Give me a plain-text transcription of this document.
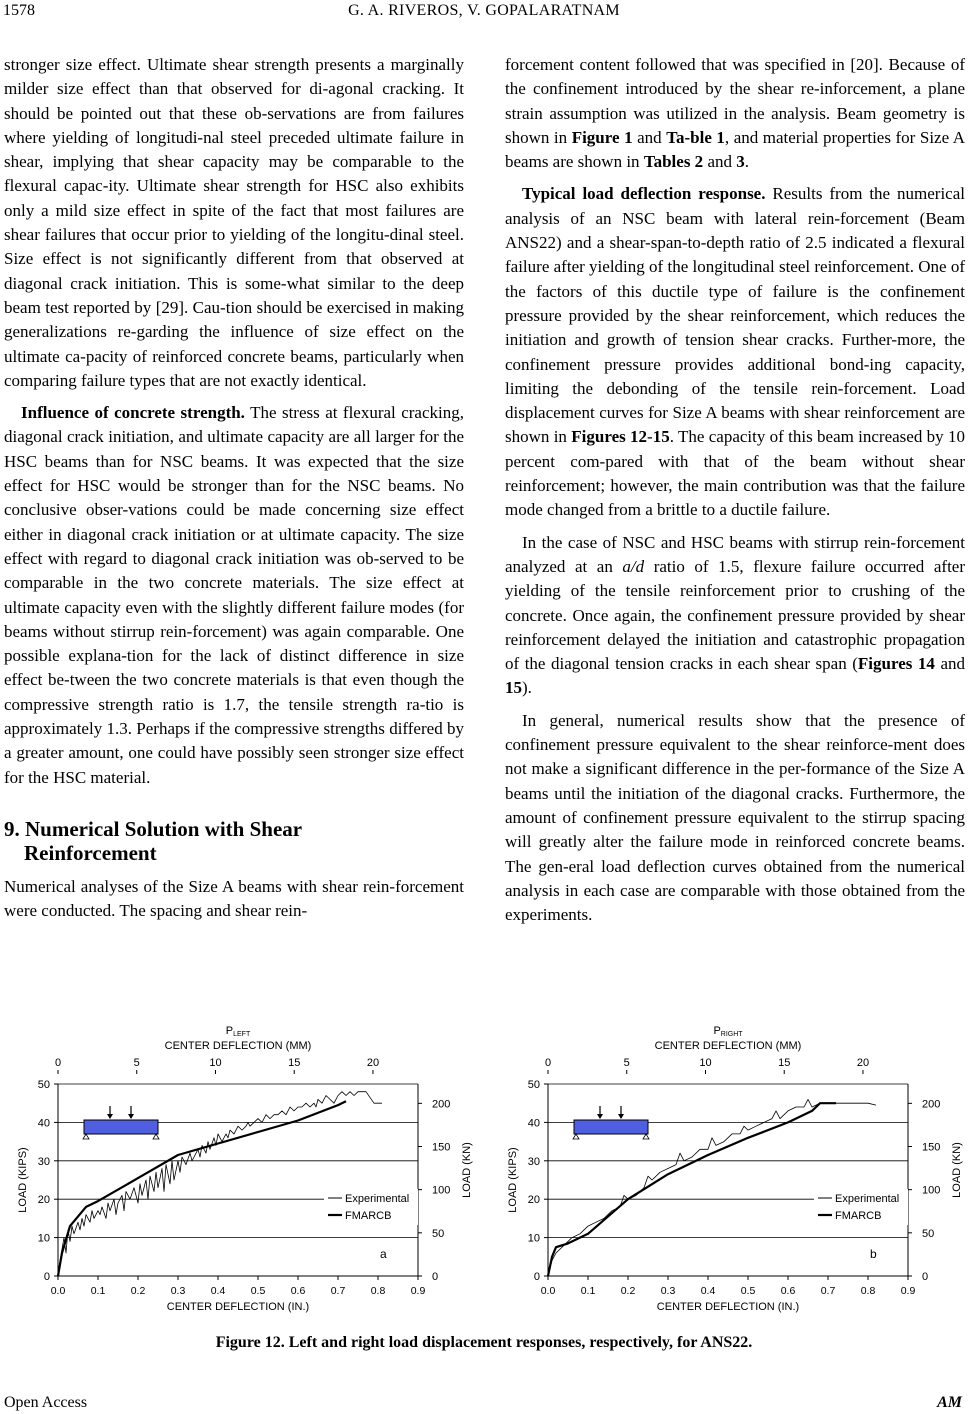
1578	G. A. RIVEROS, V. GOPALARATNAM

stronger size effect. Ultimate shear strength presents a marginally milder size effect than that observed for di-agonal cracking. It should be pointed out that these ob-servations are from failures where yielding of longitudi-nal steel preceded ultimate failure in shear, implying that shear capacity may be comparable to the flexural capac-ity. Ultimate shear strength for HSC also exhibits only a mild size effect in spite of the fact that most failures are shear failures that occur prior to yielding of the longitu-dinal steel. Size effect is not significantly different from that observed at diagonal crack initiation. This is some-what similar to the deep beam test reported by [29]. Cau-tion should be exercised in making generalizations re-garding the influence of size effect on the ultimate ca-pacity of reinforced concrete beams, particularly when comparing failure types that are not exactly identical.

Influence of concrete strength. The stress at flexural cracking, diagonal crack initiation, and ultimate capacity are all larger for the HSC beams than for NSC beams. It was expected that the size effect for HSC would be stronger than for the NSC beams. No conclusive obser-vations could be made concerning size effect either in diagonal crack initiation or at ultimate capacity. The size effect with regard to diagonal crack initiation was ob-served to be comparable in the two concrete materials. The size effect at ultimate capacity even with the slightly different failure modes (for beams without stirrup rein-forcement) was again comparable. One possible explana-tion for the lack of distinct difference in size effect be-tween the two concrete materials is that even though the compressive strength ratio is 1.7, the tensile strength ra-tio is approximately 1.3. Perhaps if the compressive strengths differed by a greater amount, one could have possibly seen stronger size effect for the HSC material.

9. Numerical Solution with Shear
Reinforcement

Numerical analyses of the Size A beams with shear rein-forcement were conducted. The spacing and shear rein-

forcement content followed that was specified in [20]. Because of the confinement introduced by the shear re-inforcement, a plane strain assumption was utilized in the analysis. Beam geometry is shown in Figure 1 and Ta-ble 1, and material properties for Size A beams are shown in Tables 2 and 3.

Typical load deflection response. Results from the numerical analysis of an NSC beam with lateral rein-forcement (Beam ANS22) and a shear-span-to-depth ratio of 2.5 indicated a flexural failure after yielding of the longitudinal steel reinforcement. One of the factors of this ductile type of failure is the confinement pressure provided by the shear reinforcement, which reduces the initiation and growth of tension shear cracks. Further-more, the confinement pressure provides additional bond-ing capacity, limiting the debonding of the tensile rein-forcement. Load displacement curves for Size A beams with shear reinforcement are shown in Figures 12-15. The capacity of this beam increased by 10 percent com-pared with that of the beam without shear reinforcement; however, the main contribution was that the failure mode changed from a brittle to a ductile failure.

In the case of NSC and HSC beams with stirrup rein-forcement analyzed at an a/d ratio of 1.5, flexure failure occurred after yielding of the tensile reinforcement prior to crushing of the concrete. Once again, the confinement pressure provided by shear reinforcement delayed the initiation and catastrophic propagation of the diagonal tension cracks in each shear span (Figures 14 and 15).

In general, numerical results show that the presence of confinement pressure equivalent to the shear reinforce-ment does not make a significant difference in the per-formance of the Size A beams until the initiation of the diagonal cracks. Furthermore, the amount of confinement pressure equivalent to the stirrup spacing will greatly alter the failure mode in reinforced concrete beams. The gen-eral load deflection curves obtained from the numerical analysis in each case are comparable with those obtained from the experiments.

PLEFT
CENTER DEFLECTION (MM)
0	5	10	15	20
0
10
20
30
40
50
0
50
100
150
200
0.0 0.1 0.2 0.3 0.4 0.5 0.6 0.7 0.8 0.9
CENTER DEFLECTION (IN.)
LOAD (KIPS)	LOAD (KN)
Experimental
FMARCB
a
PRIGHT
CENTER DEFLECTION (MM)
0	5	10	15	20
0
10
20
30
40
50
0
50
100
150
200
0.0 0.1 0.2 0.3 0.4 0.5 0.6 0.7 0.8 0.9
CENTER DEFLECTION (IN.)
LOAD (KIPS)	LOAD (KN)
Experimental
FMARCB
b
Figure 12. Left and right load displacement responses, respectively, for ANS22.
Open Access	AM
